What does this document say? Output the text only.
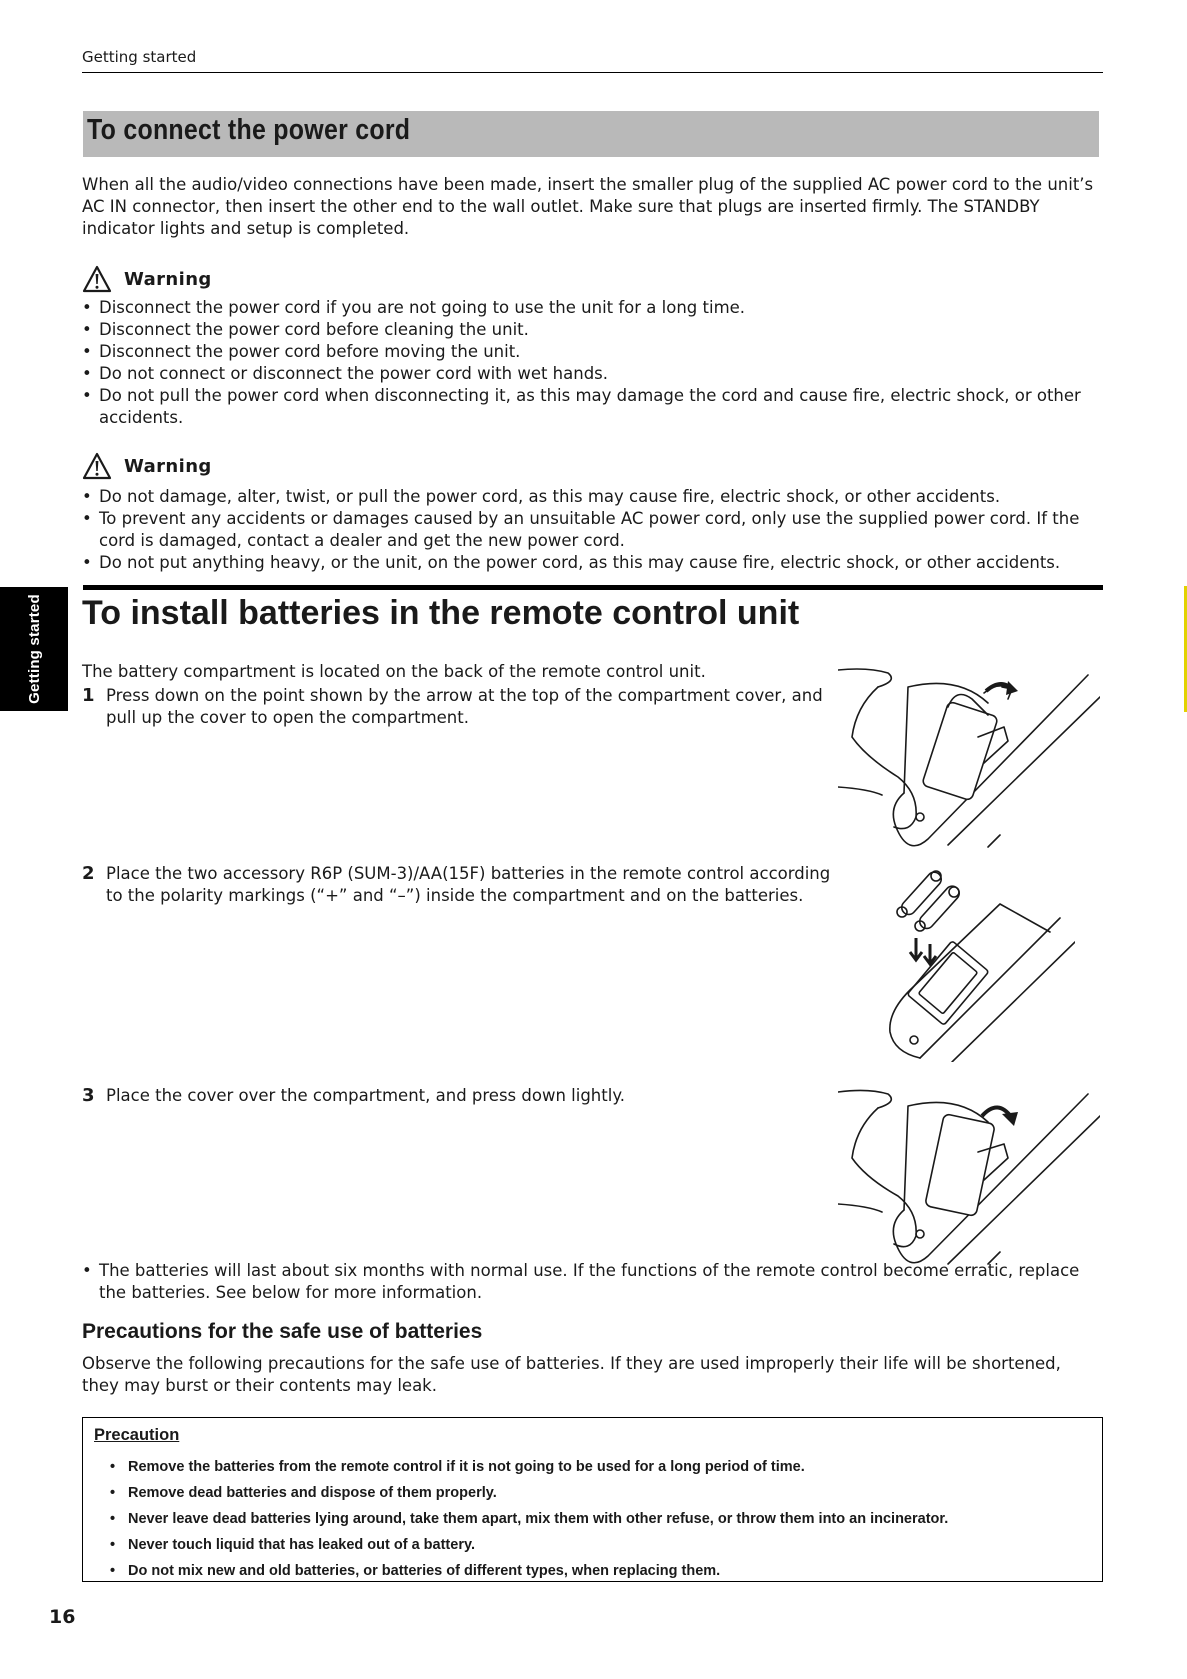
Getting started
To connect the power cord
When all the audio/video connections have been made, insert the smaller plug of the supplied AC power cord to the unit’s AC IN connector, then insert the other end to the wall outlet. Make sure that plugs are inserted firmly. The STANDBY indicator lights and setup is completed.
Warning
• Disconnect the power cord if you are not going to use the unit for a long time.
• Disconnect the power cord before cleaning the unit.
• Disconnect the power cord before moving the unit.
• Do not connect or disconnect the power cord with wet hands.
• Do not pull the power cord when disconnecting it, as this may damage the cord and cause fire, electric shock, or other accidents.
Warning
• Do not damage, alter, twist, or pull the power cord, as this may cause fire, electric shock, or other accidents.
• To prevent any accidents or damages caused by an unsuitable AC power cord, only use the supplied power cord. If the cord is damaged, contact a dealer and get the new power cord.
• Do not put anything heavy, or the unit, on the power cord, as this may cause fire, electric shock, or other accidents.
Getting started	To install batteries in the remote control unit
The battery compartment is located on the back of the remote control unit.
1 Press down on the point shown by the arrow at the top of the compartment cover, and pull up the cover to open the compartment.
2 Place the two accessory R6P (SUM-3)/AA(15F) batteries in the remote control according to the polarity markings (“+” and “–”) inside the compartment and on the batteries.
3 Place the cover over the compartment, and press down lightly.
• The batteries will last about six months with normal use. If the functions of the remote control become erratic, replace the batteries. See below for more information.
Precautions for the safe use of batteries
Observe the following precautions for the safe use of batteries. If they are used improperly their life will be shortened, they may burst or their contents may leak.
Precaution
• Remove the batteries from the remote control if it is not going to be used for a long period of time.
• Remove dead batteries and dispose of them properly.
• Never leave dead batteries lying around, take them apart, mix them with other refuse, or throw them into an incinerator.
• Never touch liquid that has leaked out of a battery.
• Do not mix new and old batteries, or batteries of different types, when replacing them.
16
